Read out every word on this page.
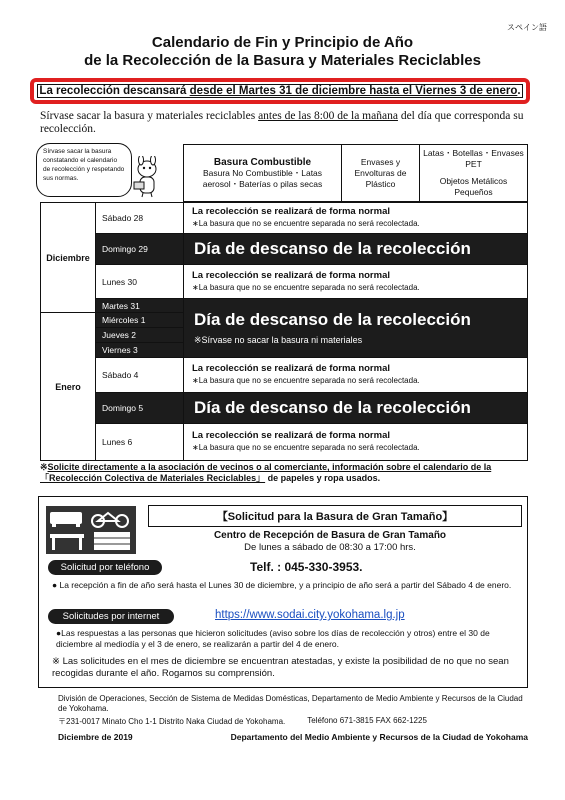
スペイン語
Calendario de Fin y Principio de Año
de la Recolección de la Basura y Materiales Reciclables
La recolección descansará
desde el Martes 31 de diciembre hasta el Viernes 3 de enero .
Sírvase sacar la basura y materiales reciclables antes de las 8:00 de la mañana del día que corresponda su recolección.
Sírvase sacar la basura constatando el calendario de recolección y respetando sus normas.
Basura Combustible
Basura No Combustible・Latas aerosol・Baterías o pilas secas
Envases y Envolturas de Plástico
Latas・Botellas・Envases PET
Objetos Metálicos Pequeños
Diciembre	Sábado 28	La recolección se realizará de forma normal
∗La basura que no se encuentre separada no será recolectada.
	Domingo 29	Día de descanso de la recolección

	Lunes 30	La recolección se realizará de forma normal
∗La basura que no se encuentre separada no será recolectada.
	Martes 31	Día de descanso de la recolección
※Sírvase no sacar la basura ni materiales

Enero	Miércoles 1	
	Jueves 2	
	Viernes 3	
	Sábado 4	La recolección se realizará de forma normal
∗La basura que no se encuentre separada no será recolectada.
	Domingo 5	Día de descanso de la recolección

	Lunes 6	La recolección se realizará de forma normal
∗La basura que no se encuentre separada no será recolectada.
※Solicite directamente a la asociación de vecinos o al comerciante, información sobre el calendario de la 「Recolección Colectiva de Materiales Reciclables」 de papeles y ropa usados.
【Solicitud para la Basura de Gran Tamaño】
Centro de Recepción de Basura de Gran Tamaño
De lunes a sábado de 08:30 a 17:00 hrs.
Solicitud por teléfono	Telf. : 045-330-3953.
● La recepción a fin de año será hasta el Lunes 30 de diciembre, y a principio de año será a partir del Sábado 4 de enero.
Solicitudes por internet	https://www.sodai.city.yokohama.lg.jp
●Las respuestas a las personas que hicieron solicitudes (aviso sobre los días de recolección y otros) entre el 30 de diciembre al mediodía y el 3 de enero, se realizarán a partir del 4 de enero.
※ Las solicitudes en el mes de diciembre se encuentran atestadas, y existe la posibilidad de no que no sean recogidas durante el año. Rogamos su comprensión.
División de Operaciones, Sección de Sistema de Medidas Domésticas, Departamento de Medio Ambiente y Recursos de la Ciudad de Yokohama.
〒231-0017 Minato Cho 1-1 Distrito Naka Ciudad de Yokohama.	Teléfono 671-3815 FAX 662-1225
Diciembre de 2019	Departamento del Medio Ambiente y Recursos de la Ciudad de Yokohama
